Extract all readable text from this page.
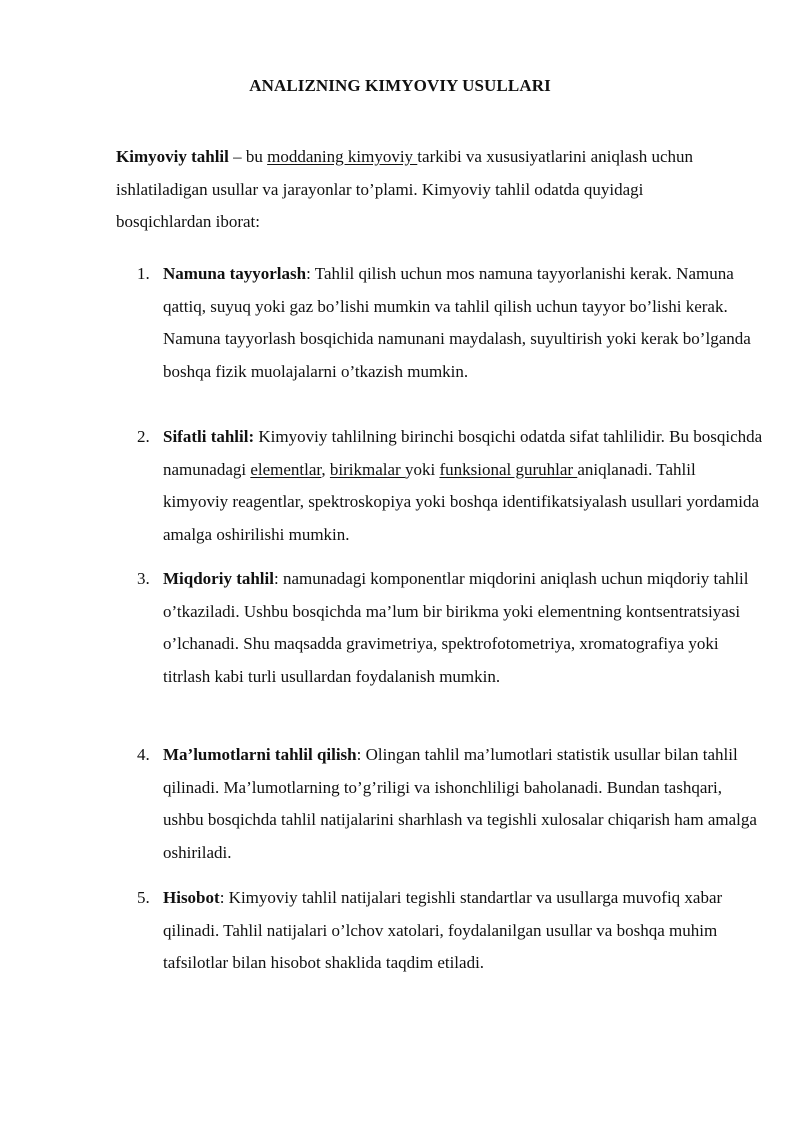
ANALIZNING KIMYOVIY USULLARI
Kimyoviy tahlil – bu moddaning kimyoviy tarkibi va xususiyatlarini aniqlash uchun ishlatiladigan usullar va jarayonlar to’plami. Kimyoviy tahlil odatda quyidagi bosqichlardan iborat:
1. Namuna tayyorlash: Tahlil qilish uchun mos namuna tayyorlanishi kerak. Namuna qattiq, suyuq yoki gaz bo’lishi mumkin va tahlil qilish uchun tayyor bo’lishi kerak. Namuna tayyorlash bosqichida namunani maydalash, suyultirish yoki kerak bo’lganda boshqa fizik muolajalarni o’tkazish mumkin.
2. Sifatli tahlil: Kimyoviy tahlilning birinchi bosqichi odatda sifat tahlilidir. Bu bosqichda namunadagi elementlar, birikmalar yoki funksional guruhlar aniqlanadi. Tahlil kimyoviy reagentlar, spektroskopiya yoki boshqa identifikatsiyalash usullari yordamida amalga oshirilishi mumkin.
3. Miqdoriy tahlil: namunadagi komponentlar miqdorini aniqlash uchun miqdoriy tahlil o’tkaziladi. Ushbu bosqichda ma’lum bir birikma yoki elementning kontsentratsiyasi o’lchanadi. Shu maqsadda gravimetriya, spektrofotometriya, xromatografiya yoki titrlash kabi turli usullardan foydalanish mumkin.
4. Ma’lumotlarni tahlil qilish: Olingan tahlil ma’lumotlari statistik usullar bilan tahlil qilinadi. Ma’lumotlarning to’g’riligi va ishonchliligi baholanadi. Bundan tashqari, ushbu bosqichda tahlil natijalarini sharhlash va tegishli xulosalar chiqarish ham amalga oshiriladi.
5. Hisobot: Kimyoviy tahlil natijalari tegishli standartlar va usullarga muvofiq xabar qilinadi. Tahlil natijalari o’lchov xatolari, foydalanilgan usullar va boshqa muhim tafsilotlar bilan hisobot shaklida taqdim etiladi.
